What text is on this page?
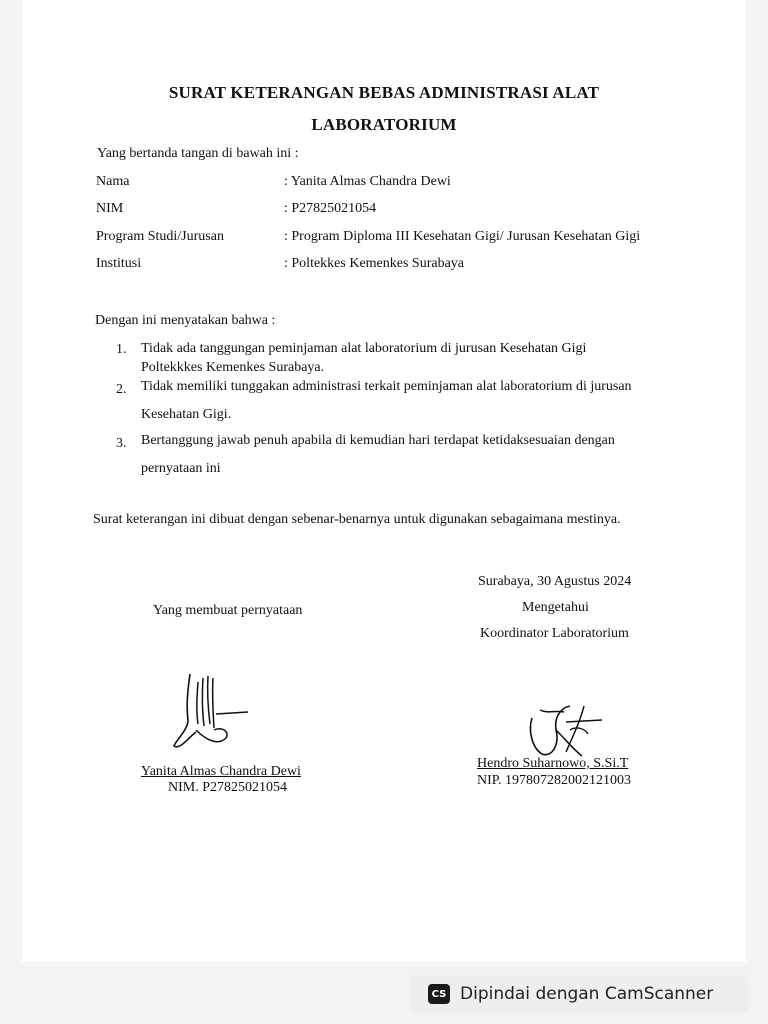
SURAT KETERANGAN BEBAS ADMINISTRASI ALAT
LABORATORIUM
Yang bertanda tangan di bawah ini :
Nama	: Yanita Almas Chandra Dewi
NIM	: P27825021054
Program Studi/Jurusan	: Program Diploma III Kesehatan Gigi/ Jurusan Kesehatan Gigi
Institusi	: Poltekkes Kemenkes Surabaya
Dengan ini menyatakan bahwa :
1. Tidak ada tanggungan peminjaman alat laboratorium di jurusan Kesehatan Gigi
Poltekkkes Kemenkes Surabaya.
2. Tidak memiliki tunggakan administrasi terkait peminjaman alat laboratorium di jurusan
Kesehatan Gigi.
3. Bertanggung jawab penuh apabila di kemudian hari terdapat ketidaksesuaian dengan
pernyataan ini
Surat keterangan ini dibuat dengan sebenar-benarnya untuk digunakan sebagaimana mestinya.
Yang membuat pernyataan
Yanita Almas Chandra Dewi
NIM. P27825021054
Surabaya, 30 Agustus 2024
Mengetahui
Koordinator Laboratorium
Hendro Suharnowo, S.Si.T
NIP. 197807282002121003
CS Dipindai dengan CamScanner
